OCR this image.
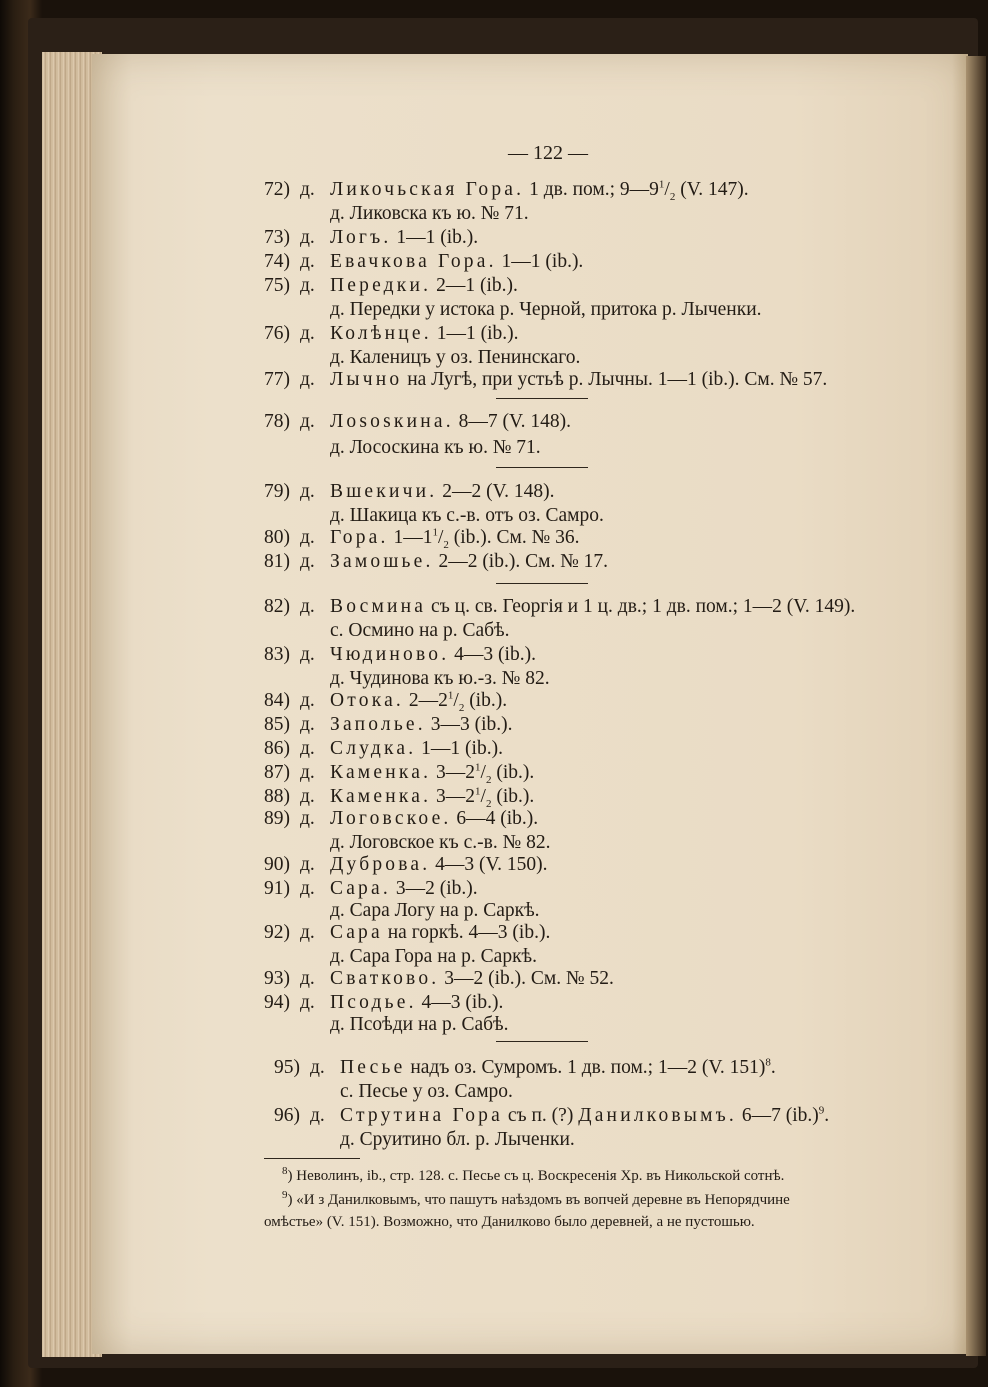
— 122 —
72) д. Ликочьская Гора. 1 дв. пом.; $9—9^1/_2$ (V. 147).
д. Ликовска къ ю. № 71.
73) д. Логъ. 1—1 (ib.).
74) д. Евачкова Гора. 1—1 (ib.).
75) д. Передки. 2—1 (ib.).
д. Передки у истока р. Черной, притока р. Лыченки.
76) д. Колѣнце. 1—1 (ib.).
д. Каленицъ у оз. Пенинскаго.
77) д. Лычно на Лугѣ, при устьѣ р. Лычны. 1—1 (ib.). См. № 57.
78) д. Лososкина. 8—7 (V. 148).
д. Лососкина къ ю. № 71.
79) д. Вшекичи. 2—2 (V. 148).
д. Шакица къ с.-в. отъ оз. Самро.
80) д. Гора. $1—1^1/_2$ (ib.). См. № 36.
81) д. Замошье. 2—2 (ib.). См. № 17.
82) д. Восмина съ ц. св. Георгія и 1 ц. дв.; 1 дв. пом.; 1—2 (V. 149).
с. Осмино на р. Сабѣ.
83) д. Чюдиново. 4—3 (ib.).
д. Чудинова къ ю.-з. № 82.
84) д. Отока. $2—2^1/_2$ (ib.).
85) д. Заполье. 3—3 (ib.).
86) д. Слудка. 1—1 (ib.).
87) д. Каменка. $3—2^1/_2$ (ib.).
88) д. Каменка. $3—2^1/_2$ (ib.).
89) д. Логовское. 6—4 (ib.).
д. Логовское къ с.-в. № 82.
90) д. Дуброва. 4—3 (V. 150).
91) д. Сара. 3—2 (ib.).
д. Сара Логу на р. Саркѣ.
92) д. Сара на горкѣ. 4—3 (ib.).
д. Сара Гора на р. Саркѣ.
93) д. Сватково. 3—2 (ib.). См. № 52.
94) д. Псодье. 4—3 (ib.).
д. Псоѣди на р. Сабѣ.
95) д. Песье надъ оз. Сумромъ. 1 дв. пом.; 1—2 (V. 151)$^8$.
с. Песье у оз. Самро.
96) д. Струтина Гора съ п. (?) Данилковымъ. 6—7 $(ib.)^9$.
д. Сруитино бл. р. Лыченки.
$^8$) Неволинъ, ib., стр. 128. с. Песье съ ц. Воскресенія Хр. въ Никольской сотнѣ.
$^9$) «И з Данилковымъ, что пашутъ наѣздомъ въ вопчей деревне въ Непорядчине
омѣстье» (V. 151). Возможно, что Данилково было деревней, а не пустошью.
